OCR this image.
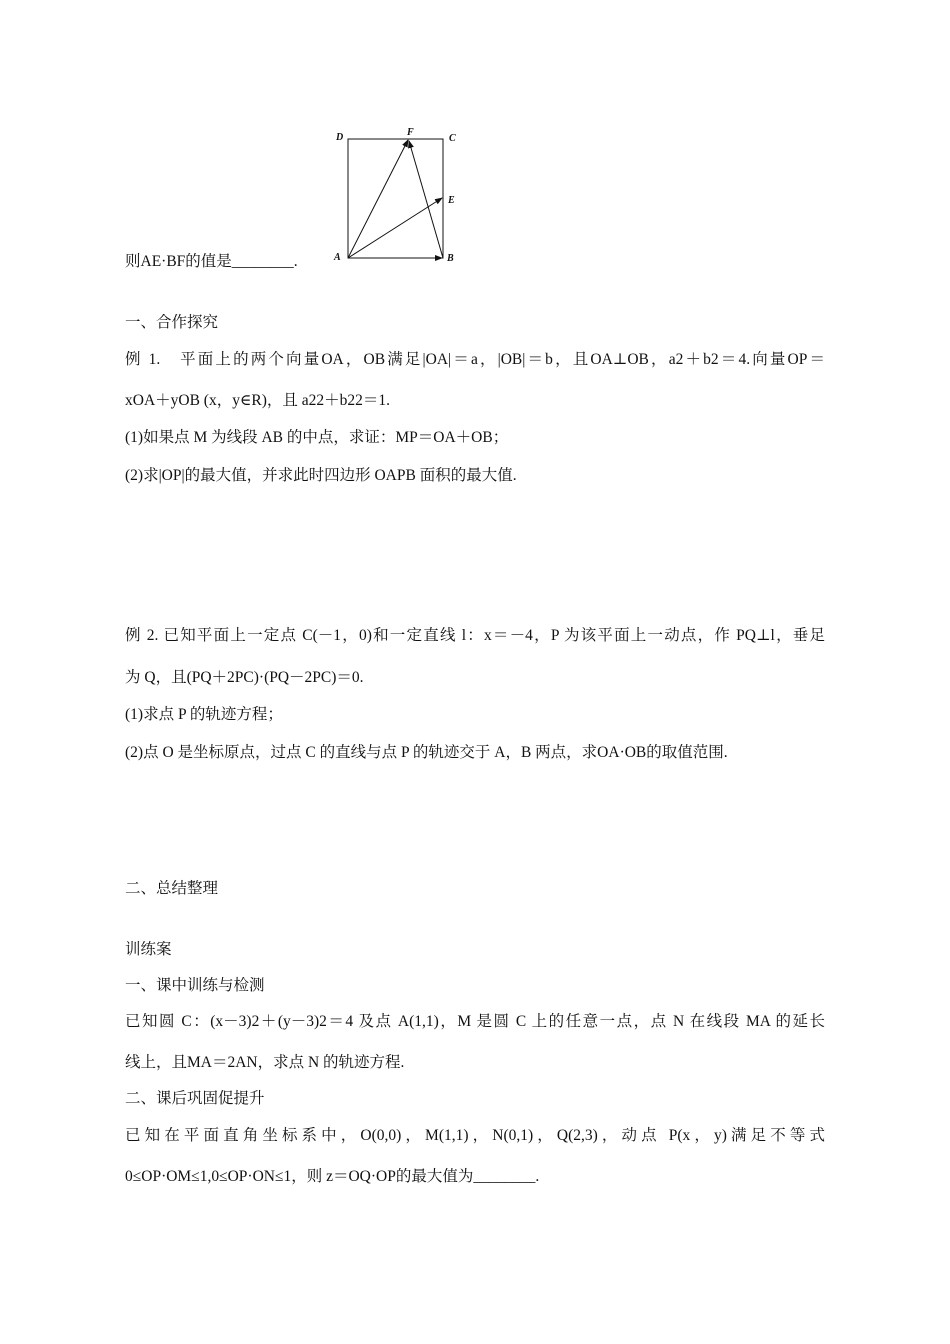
D	F
C
E
A	B
则AE·BF的值是________.
一、合作探究
例 1.　平面上的两个向量OA，OB满足|OA|＝a，|OB|＝b，且OA⊥OB，a2＋b2＝4.向量OP＝
xOA＋yOB (x，y∈R)，且 a22＋b22＝1.
(1)如果点 M 为线段 AB 的中点，求证：MP＝OA＋OB；
(2)求|OP|的最大值，并求此时四边形 OAPB 面积的最大值.
例 2. 已知平面上一定点 C(－1，0)和一定直线 l：x＝－4，P 为该平面上一动点，作 PQ⊥l，垂足
为 Q，且(PQ＋2PC)·(PQ－2PC)＝0.
(1)求点 P 的轨迹方程；
(2)点 O 是坐标原点，过点 C 的直线与点 P 的轨迹交于 A，B 两点，求OA·OB的取值范围.
二、总结整理
训练案
一、课中训练与检测
已知圆 C：(x－3)2＋(y－3)2＝4 及点 A(1,1)，M 是圆 C 上的任意一点，点 N 在线段 MA 的延长
线上，且MA＝2AN，求点 N 的轨迹方程.
二、课后巩固促提升
已知在平面直角坐标系中，O(0,0)，M(1,1)，N(0,1)，Q(2,3)，动点 P(x，y)满足不等式
0≤OP·OM≤1,0≤OP·ON≤1，则 z＝OQ·OP的最大值为________.
